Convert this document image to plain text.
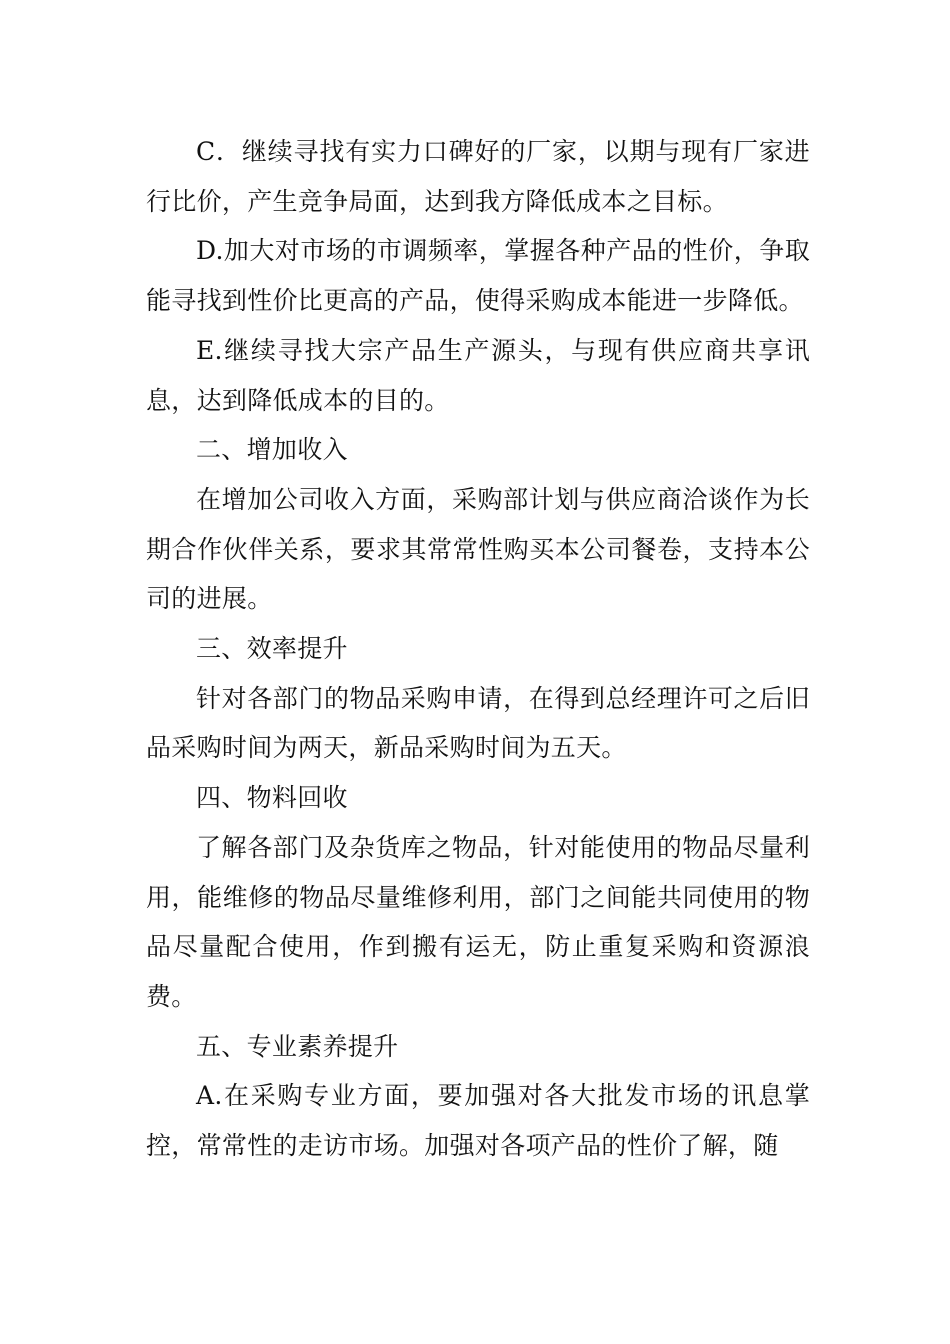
C．继续寻找有实力口碑好的厂家，以期与现有厂家进行比价，产生竞争局面，达到我方降低成本之目标。

D.加大对市场的市调频率，掌握各种产品的性价，争取能寻找到性价比更高的产品，使得采购成本能进一步降低。

E.继续寻找大宗产品生产源头，与现有供应商共享讯息，达到降低成本的目的。

二、增加收入

在增加公司收入方面，采购部计划与供应商洽谈作为长期合作伙伴关系，要求其常常性购买本公司餐卷，支持本公司的进展。

三、效率提升

针对各部门的物品采购申请，在得到总经理许可之后旧品采购时间为两天，新品采购时间为五天。

四、物料回收

了解各部门及杂货库之物品，针对能使用的物品尽量利用，能维修的物品尽量维修利用，部门之间能共同使用的物品尽量配合使用，作到搬有运无，防止重复采购和资源浪费。

五、专业素养提升

A.在采购专业方面，要加强对各大批发市场的讯息掌控，常常性的走访市场。加强对各项产品的性价了解，随
